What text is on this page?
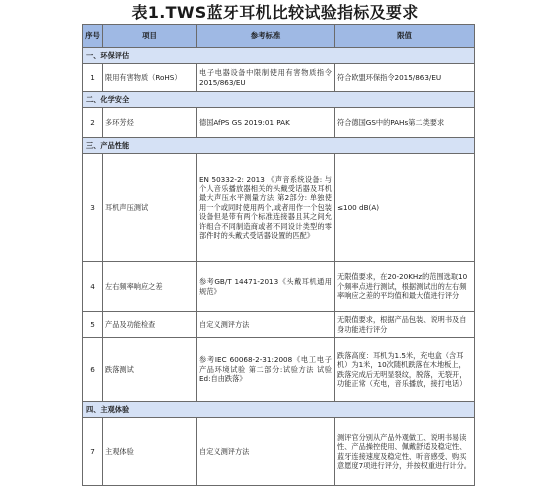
表1.TWS蓝牙耳机比较试验指标及要求
序号	项目	参考标准	限值
一、环保评估			
1	限用有害物质（RoHS）	电子电器设备中限制使用有害物质指令2015/863/EU	符合欧盟环保指令2015/863/EU
二、化学安全			
2	多环芳烃	德国AfPS GS 2019:01 PAK	符合德国GS中的PAHs第二类要求
三、产品性能			
3	耳机声压测试	EN 50332-2: 2013 《声音系统设备: 与个人音乐播放器相关的头戴受话器及耳机 最大声压水平测量方法 第2部分: 单独使用一个或同时使用两个,或者用作一个包装设备但是带有两个标准连接器且其之间允许组合不同制造商或者不同设计类型的零部件时的头戴式受话器设置的匹配》	≤100 dB(A)
4	左右频率响应之差	参考GB/T 14471-2013《头戴耳机通用规范》	无限值要求，在20-20KHz的范围选取10个频率点进行测试，根据测试出的左右频率响应之差的平均值和最大值进行评分
5	产品及功能检查	自定义测评方法	无限值要求，根据产品包装、说明书及自身功能进行评分
6	跌落测试	参考IEC 60068-2-31:2008《电工电子产品环境试验 第二部分:试验方法 试验Ed:自由跌落》	跌落高度：耳机为1.5米，充电盒（含耳机）为1米，10次随机跌落在木地板上，跌落完成后无明显裂纹，脱落，无裂开，功能正常（充电，音乐播放，接打电话）
四、主观体验			
7	主观体验	自定义测评方法	测评官分别从产品外观做工、说明书易读性、产品操控使用、佩戴舒适及稳定性、蓝牙连接速度及稳定性、听音感受、购买意愿度7项进行评分，并按权重进行计分。
